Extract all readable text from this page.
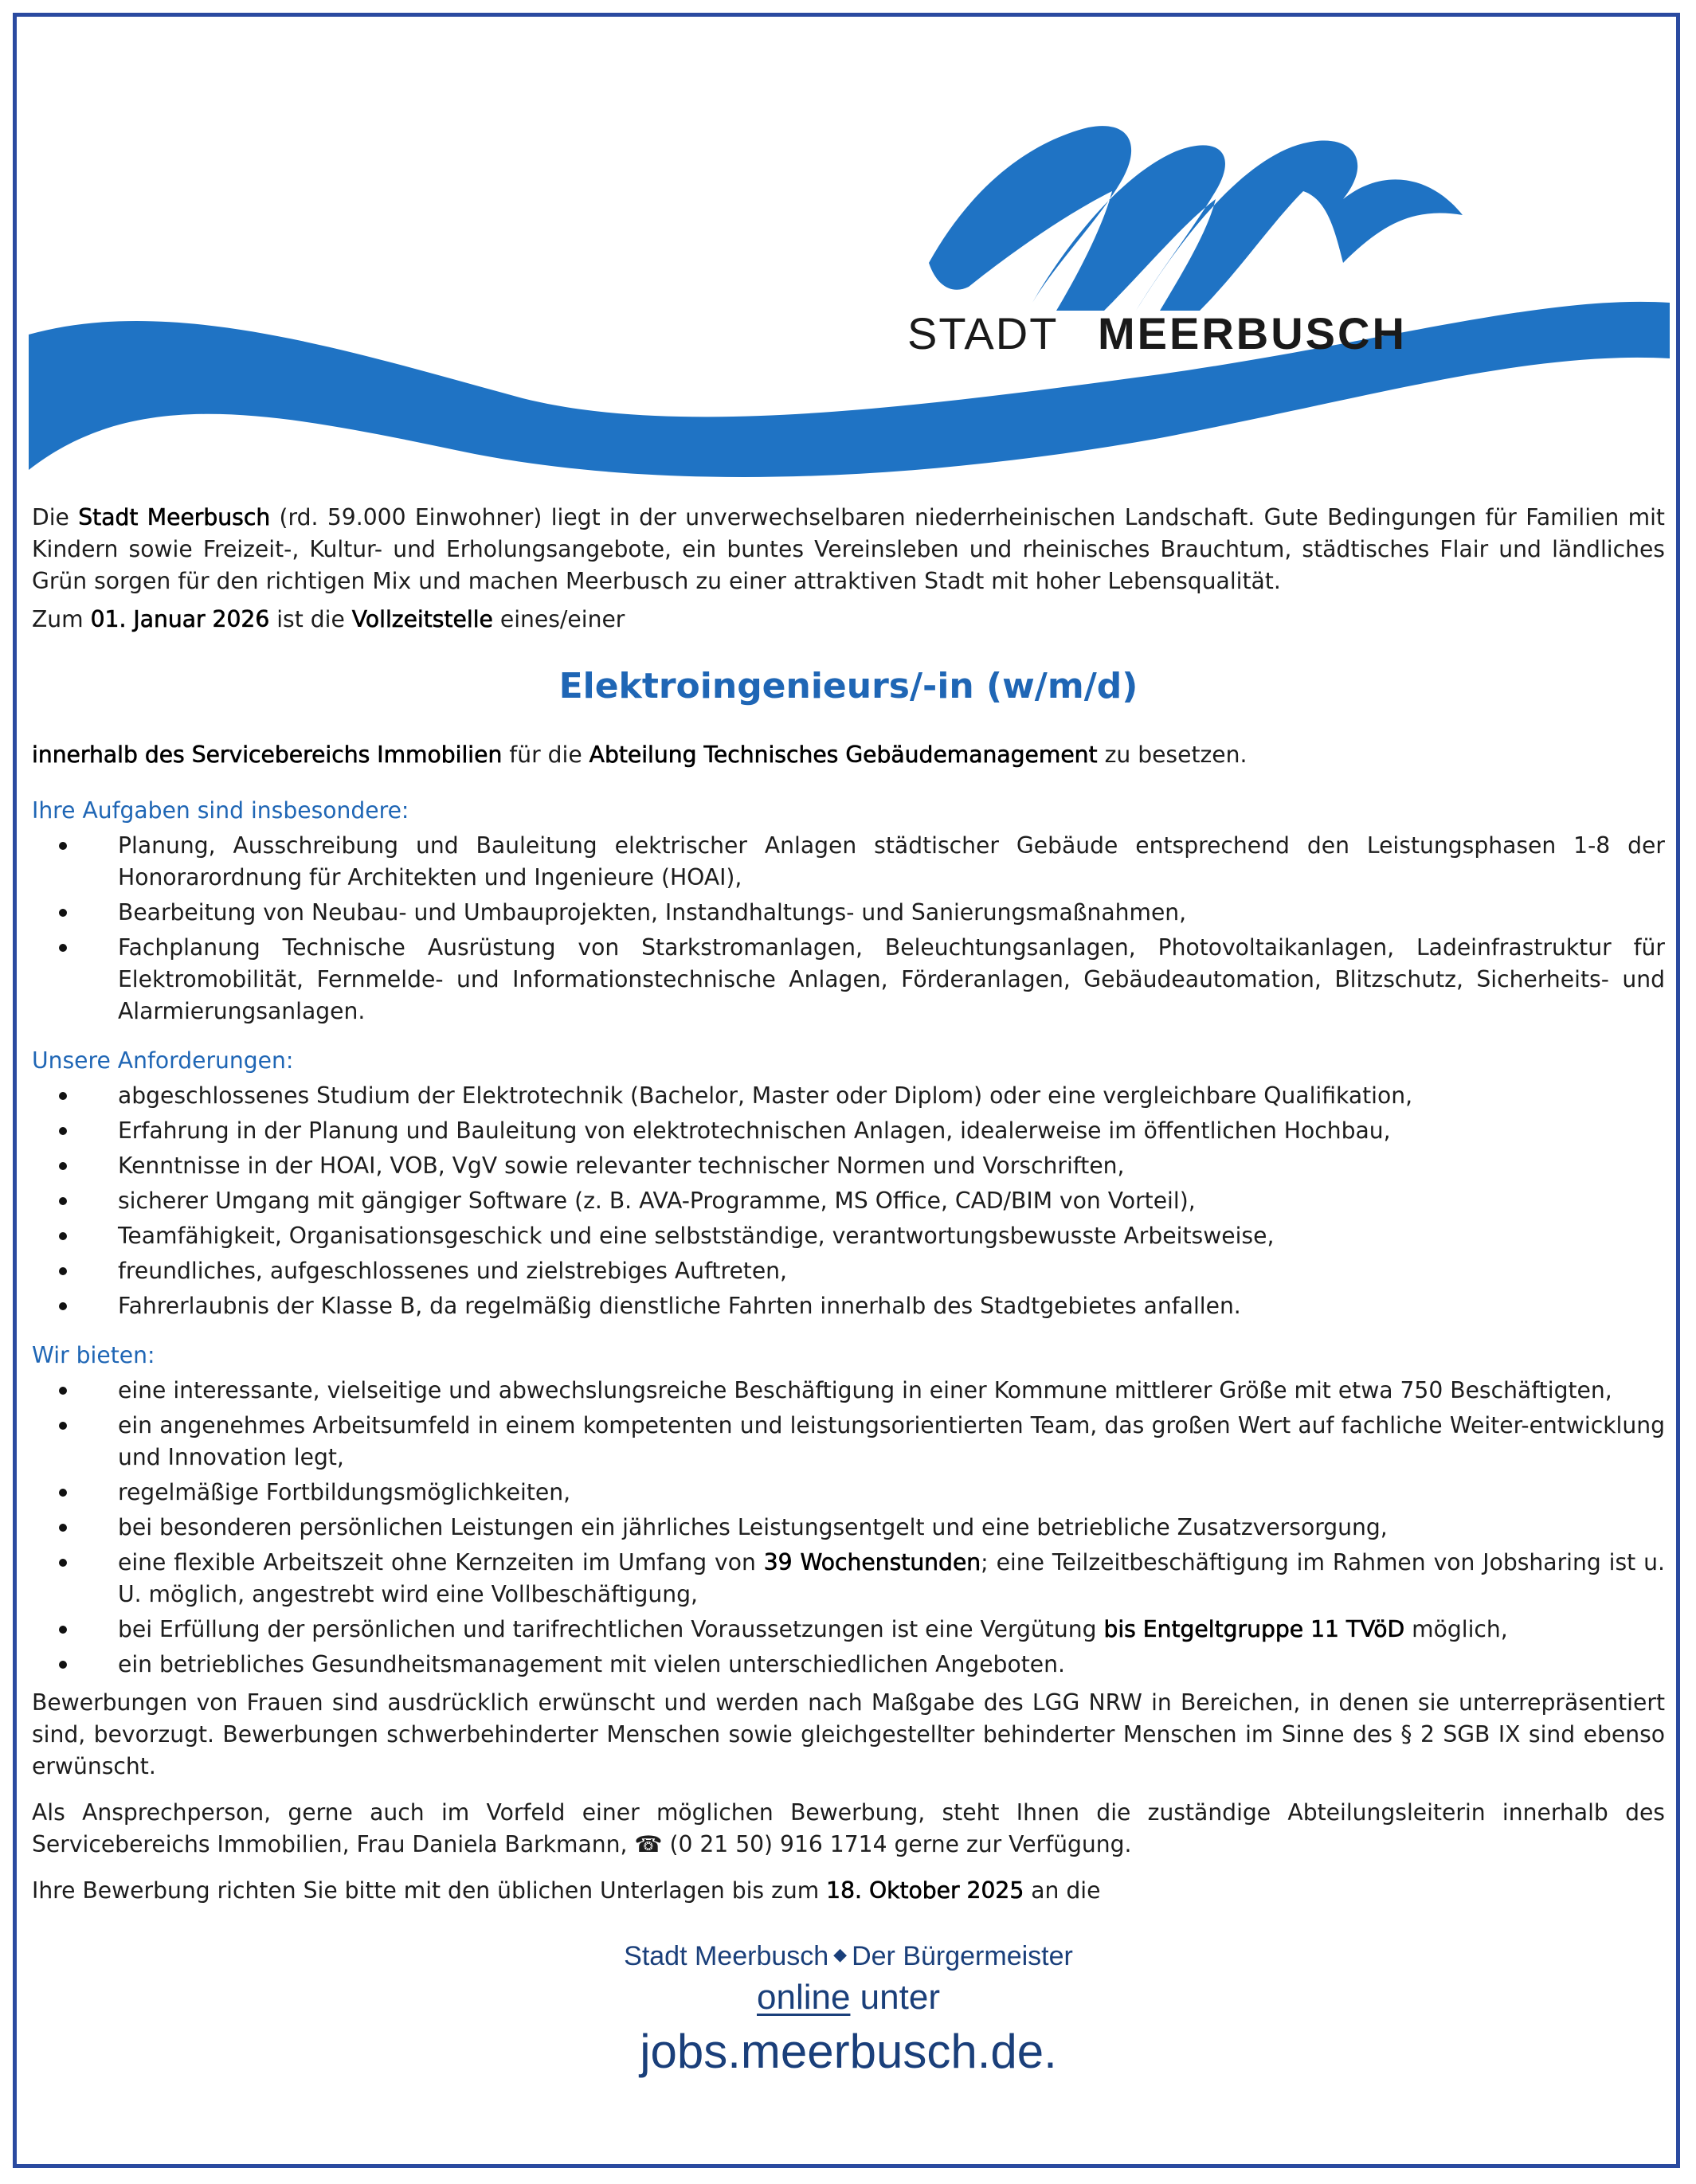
STADT MEERBUSCH

Die Stadt Meerbusch (rd. 59.000 Einwohner) liegt in der unverwechselbaren niederrheinischen Landschaft. Gute Bedingungen für Familien mit Kindern sowie Freizeit-, Kultur- und Erholungsangebote, ein buntes Vereinsleben und rheinisches Brauchtum, städtisches Flair und ländliches Grün sorgen für den richtigen Mix und machen Meerbusch zu einer attraktiven Stadt mit hoher Lebensqualität.

Zum 01. Januar 2026 ist die Vollzeitstelle eines/einer

Elektroingenieurs/-in (w/m/d)

innerhalb des Servicebereichs Immobilien für die Abteilung Technisches Gebäudemanagement zu besetzen.

Ihre Aufgaben sind insbesondere:
Planung, Ausschreibung und Bauleitung elektrischer Anlagen städtischer Gebäude entsprechend den Leistungsphasen 1-8 der Honorarordnung für Architekten und Ingenieure (HOAI),
Bearbeitung von Neubau- und Umbauprojekten, Instandhaltungs- und Sanierungsmaßnahmen,
Fachplanung Technische Ausrüstung von Starkstromanlagen, Beleuchtungsanlagen, Photovoltaikanlagen, Ladeinfrastruktur für Elektromobilität, Fernmelde- und Informationstechnische Anlagen, Förderanlagen, Gebäudeautomation, Blitzschutz, Sicherheits- und Alarmierungsanlagen.
Unsere Anforderungen:
abgeschlossenes Studium der Elektrotechnik (Bachelor, Master oder Diplom) oder eine vergleichbare Qualifikation,
Erfahrung in der Planung und Bauleitung von elektrotechnischen Anlagen, idealerweise im öffentlichen Hochbau,
Kenntnisse in der HOAI, VOB, VgV sowie relevanter technischer Normen und Vorschriften,
sicherer Umgang mit gängiger Software (z. B. AVA-Programme, MS Office, CAD/BIM von Vorteil),
Teamfähigkeit, Organisationsgeschick und eine selbstständige, verantwortungsbewusste Arbeitsweise,
freundliches, aufgeschlossenes und zielstrebiges Auftreten,
Fahrerlaubnis der Klasse B, da regelmäßig dienstliche Fahrten innerhalb des Stadtgebietes anfallen.
Wir bieten:
eine interessante, vielseitige und abwechslungsreiche Beschäftigung in einer Kommune mittlerer Größe mit etwa 750 Beschäftigten,
ein angenehmes Arbeitsumfeld in einem kompetenten und leistungsorientierten Team, das großen Wert auf fachliche Weiter-entwicklung und Innovation legt,
regelmäßige Fortbildungsmöglichkeiten,
bei besonderen persönlichen Leistungen ein jährliches Leistungsentgelt und eine betriebliche Zusatzversorgung,
eine flexible Arbeitszeit ohne Kernzeiten im Umfang von 39 Wochenstunden; eine Teilzeitbeschäftigung im Rahmen von Jobsharing ist u. U. möglich, angestrebt wird eine Vollbeschäftigung,
bei Erfüllung der persönlichen und tarifrechtlichen Voraussetzungen ist eine Vergütung bis Entgeltgruppe 11 TVöD möglich,
ein betriebliches Gesundheitsmanagement mit vielen unterschiedlichen Angeboten.

Bewerbungen von Frauen sind ausdrücklich erwünscht und werden nach Maßgabe des LGG NRW in Bereichen, in denen sie unterrepräsentiert sind, bevorzugt. Bewerbungen schwerbehinderter Menschen sowie gleichgestellter behinderter Menschen im Sinne des § 2 SGB IX sind ebenso erwünscht.

Als Ansprechperson, gerne auch im Vorfeld einer möglichen Bewerbung, steht Ihnen die zuständige Abteilungsleiterin innerhalb des Servicebereichs Immobilien, Frau Daniela Barkmann, ☎ (0 21 50) 916 1714 gerne zur Verfügung.

Ihre Bewerbung richten Sie bitte mit den üblichen Unterlagen bis zum 18. Oktober 2025 an die

Stadt Meerbusch ◆ Der Bürgermeister
online unter
jobs.meerbusch.de.
